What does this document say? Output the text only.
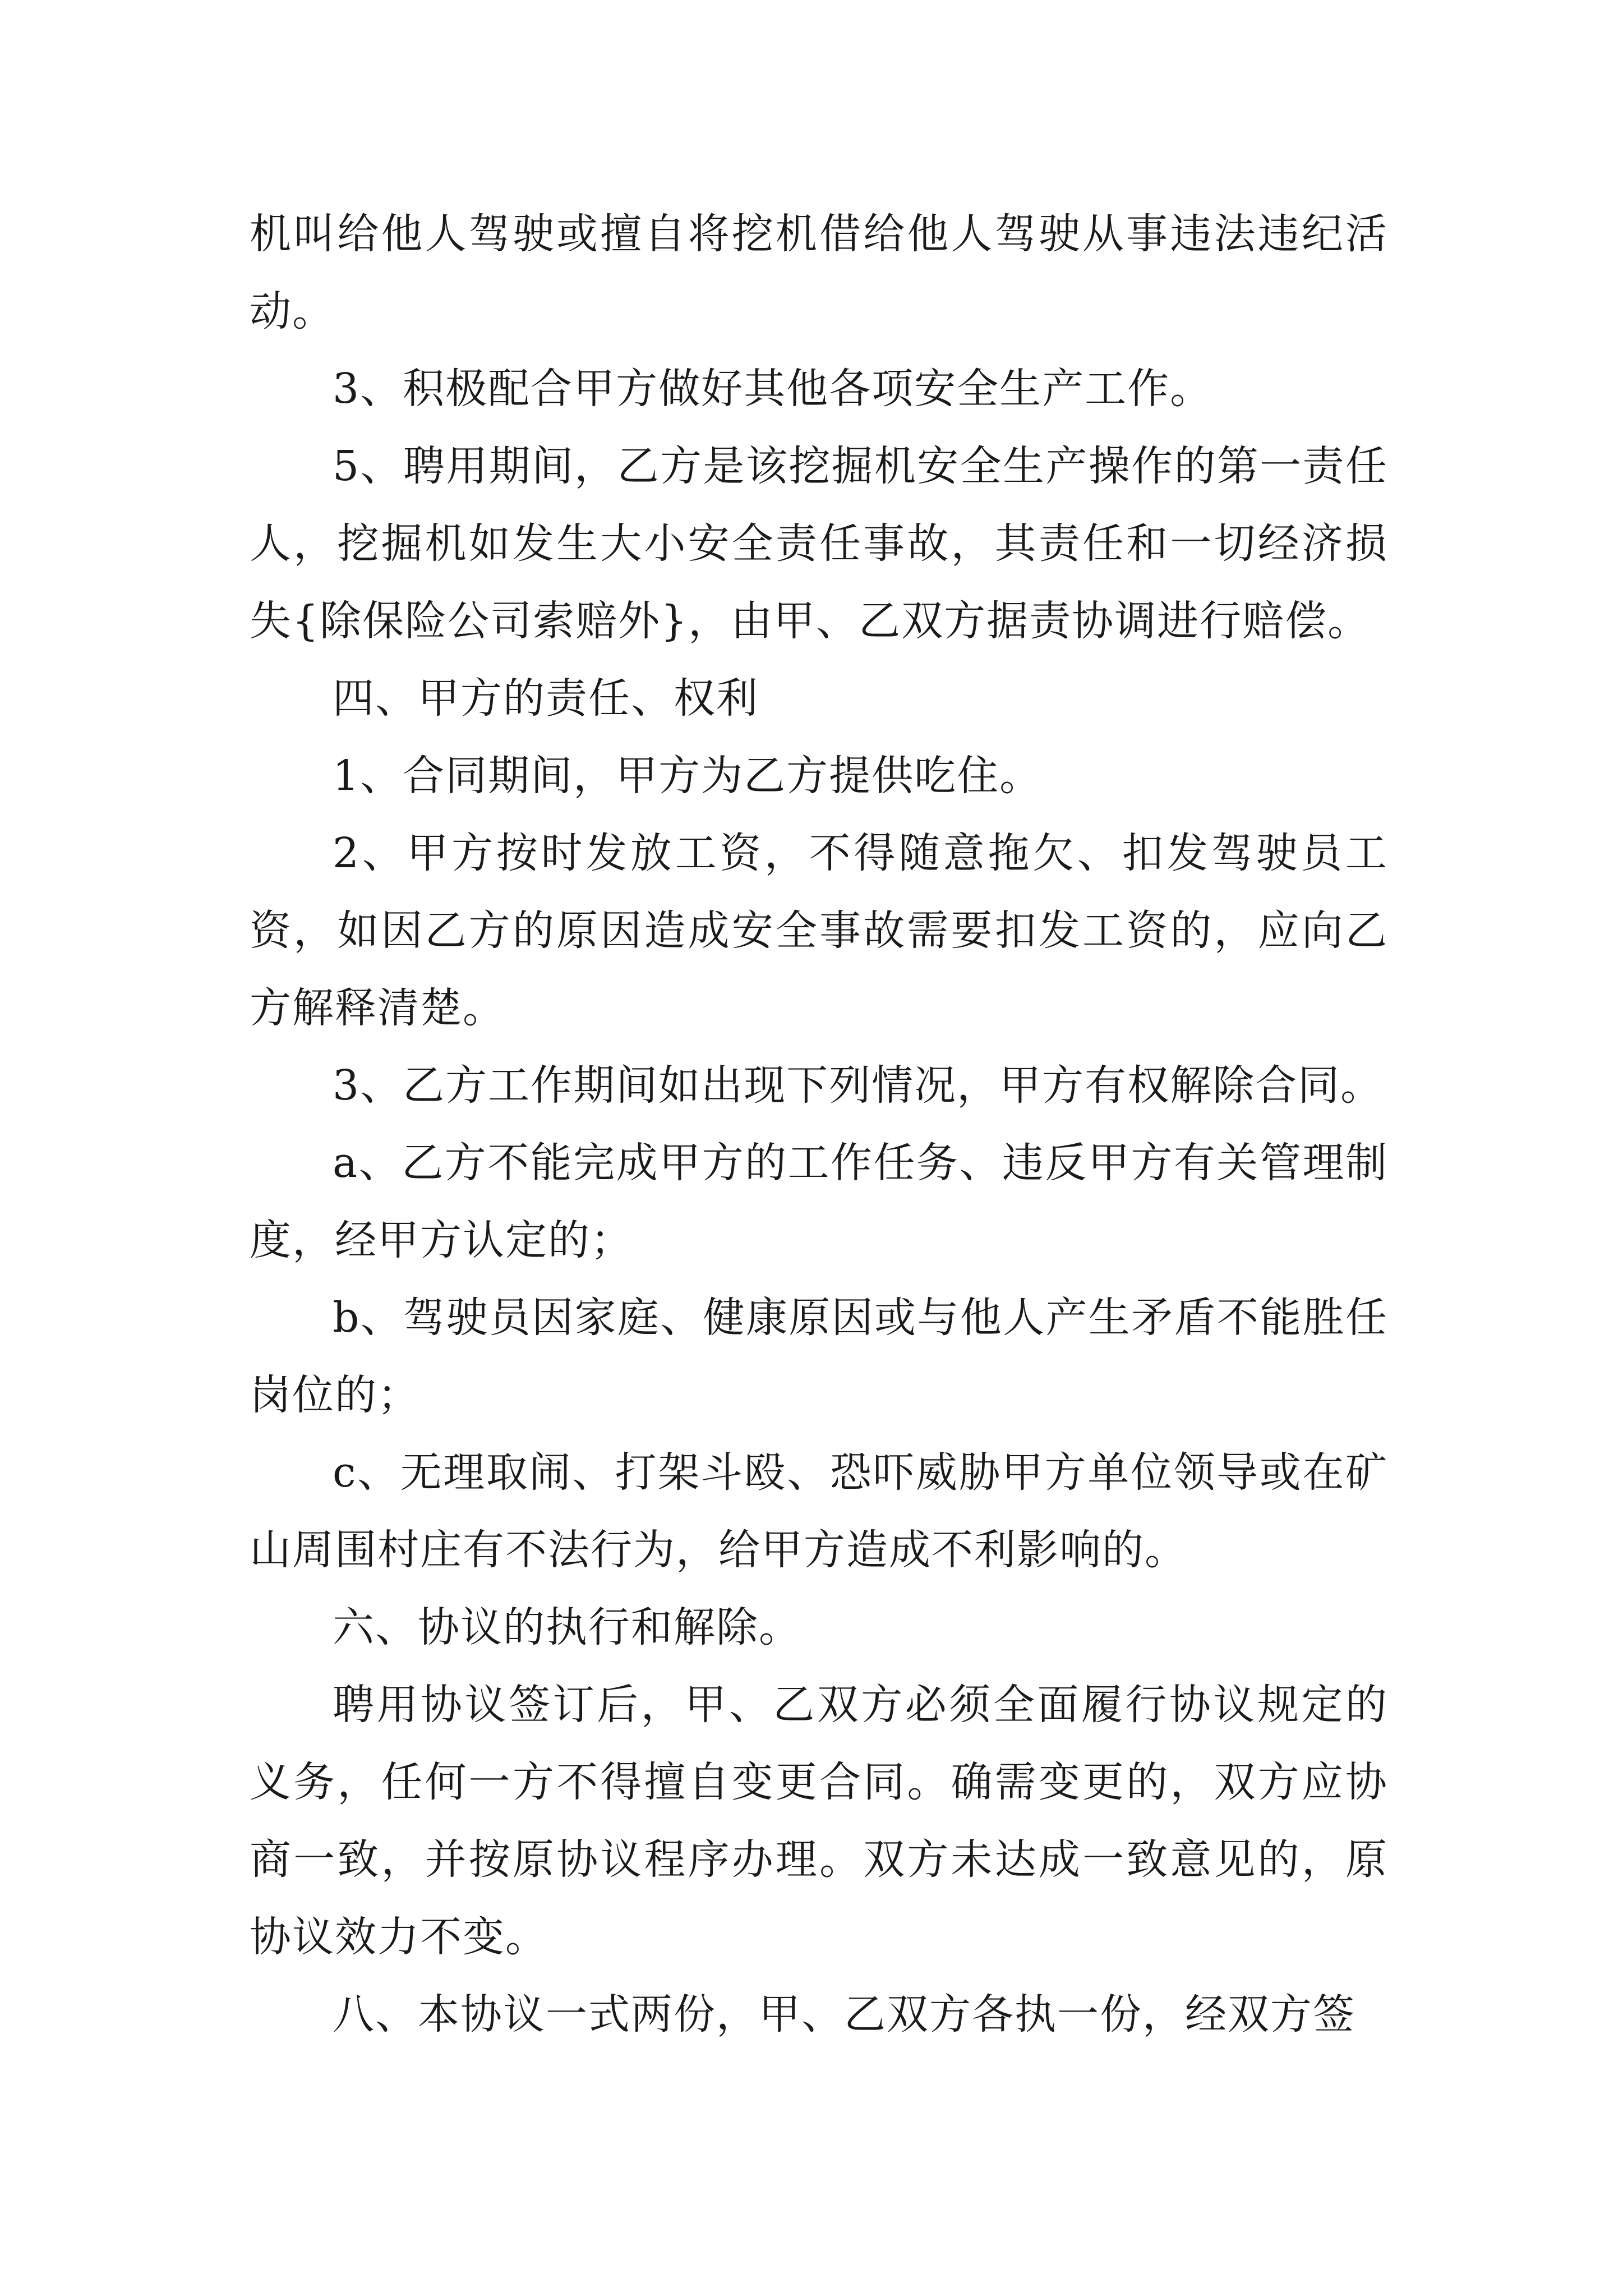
机叫给他人驾驶或擅自将挖机借给他人驾驶从事违法违纪活动。

3、积极配合甲方做好其他各项安全生产工作。

5、聘用期间，乙方是该挖掘机安全生产操作的第一责任人，挖掘机如发生大小安全责任事故，其责任和一切经济损失{除保险公司索赔外}，由甲、乙双方据责协调进行赔偿。

四、甲方的责任、权利

1、合同期间，甲方为乙方提供吃住。

2、甲方按时发放工资，不得随意拖欠、扣发驾驶员工资，如因乙方的原因造成安全事故需要扣发工资的，应向乙方解释清楚。

3、乙方工作期间如出现下列情况，甲方有权解除合同。

a、乙方不能完成甲方的工作任务、违反甲方有关管理制度，经甲方认定的；

b、驾驶员因家庭、健康原因或与他人产生矛盾不能胜任岗位的；

c、无理取闹、打架斗殴、恐吓威胁甲方单位领导或在矿山周围村庄有不法行为，给甲方造成不利影响的。

六、协议的执行和解除。

聘用协议签订后，甲、乙双方必须全面履行协议规定的义务，任何一方不得擅自变更合同。确需变更的，双方应协商一致，并按原协议程序办理。双方未达成一致意见的，原协议效力不变。

八、本协议一式两份，甲、乙双方各执一份，经双方签
